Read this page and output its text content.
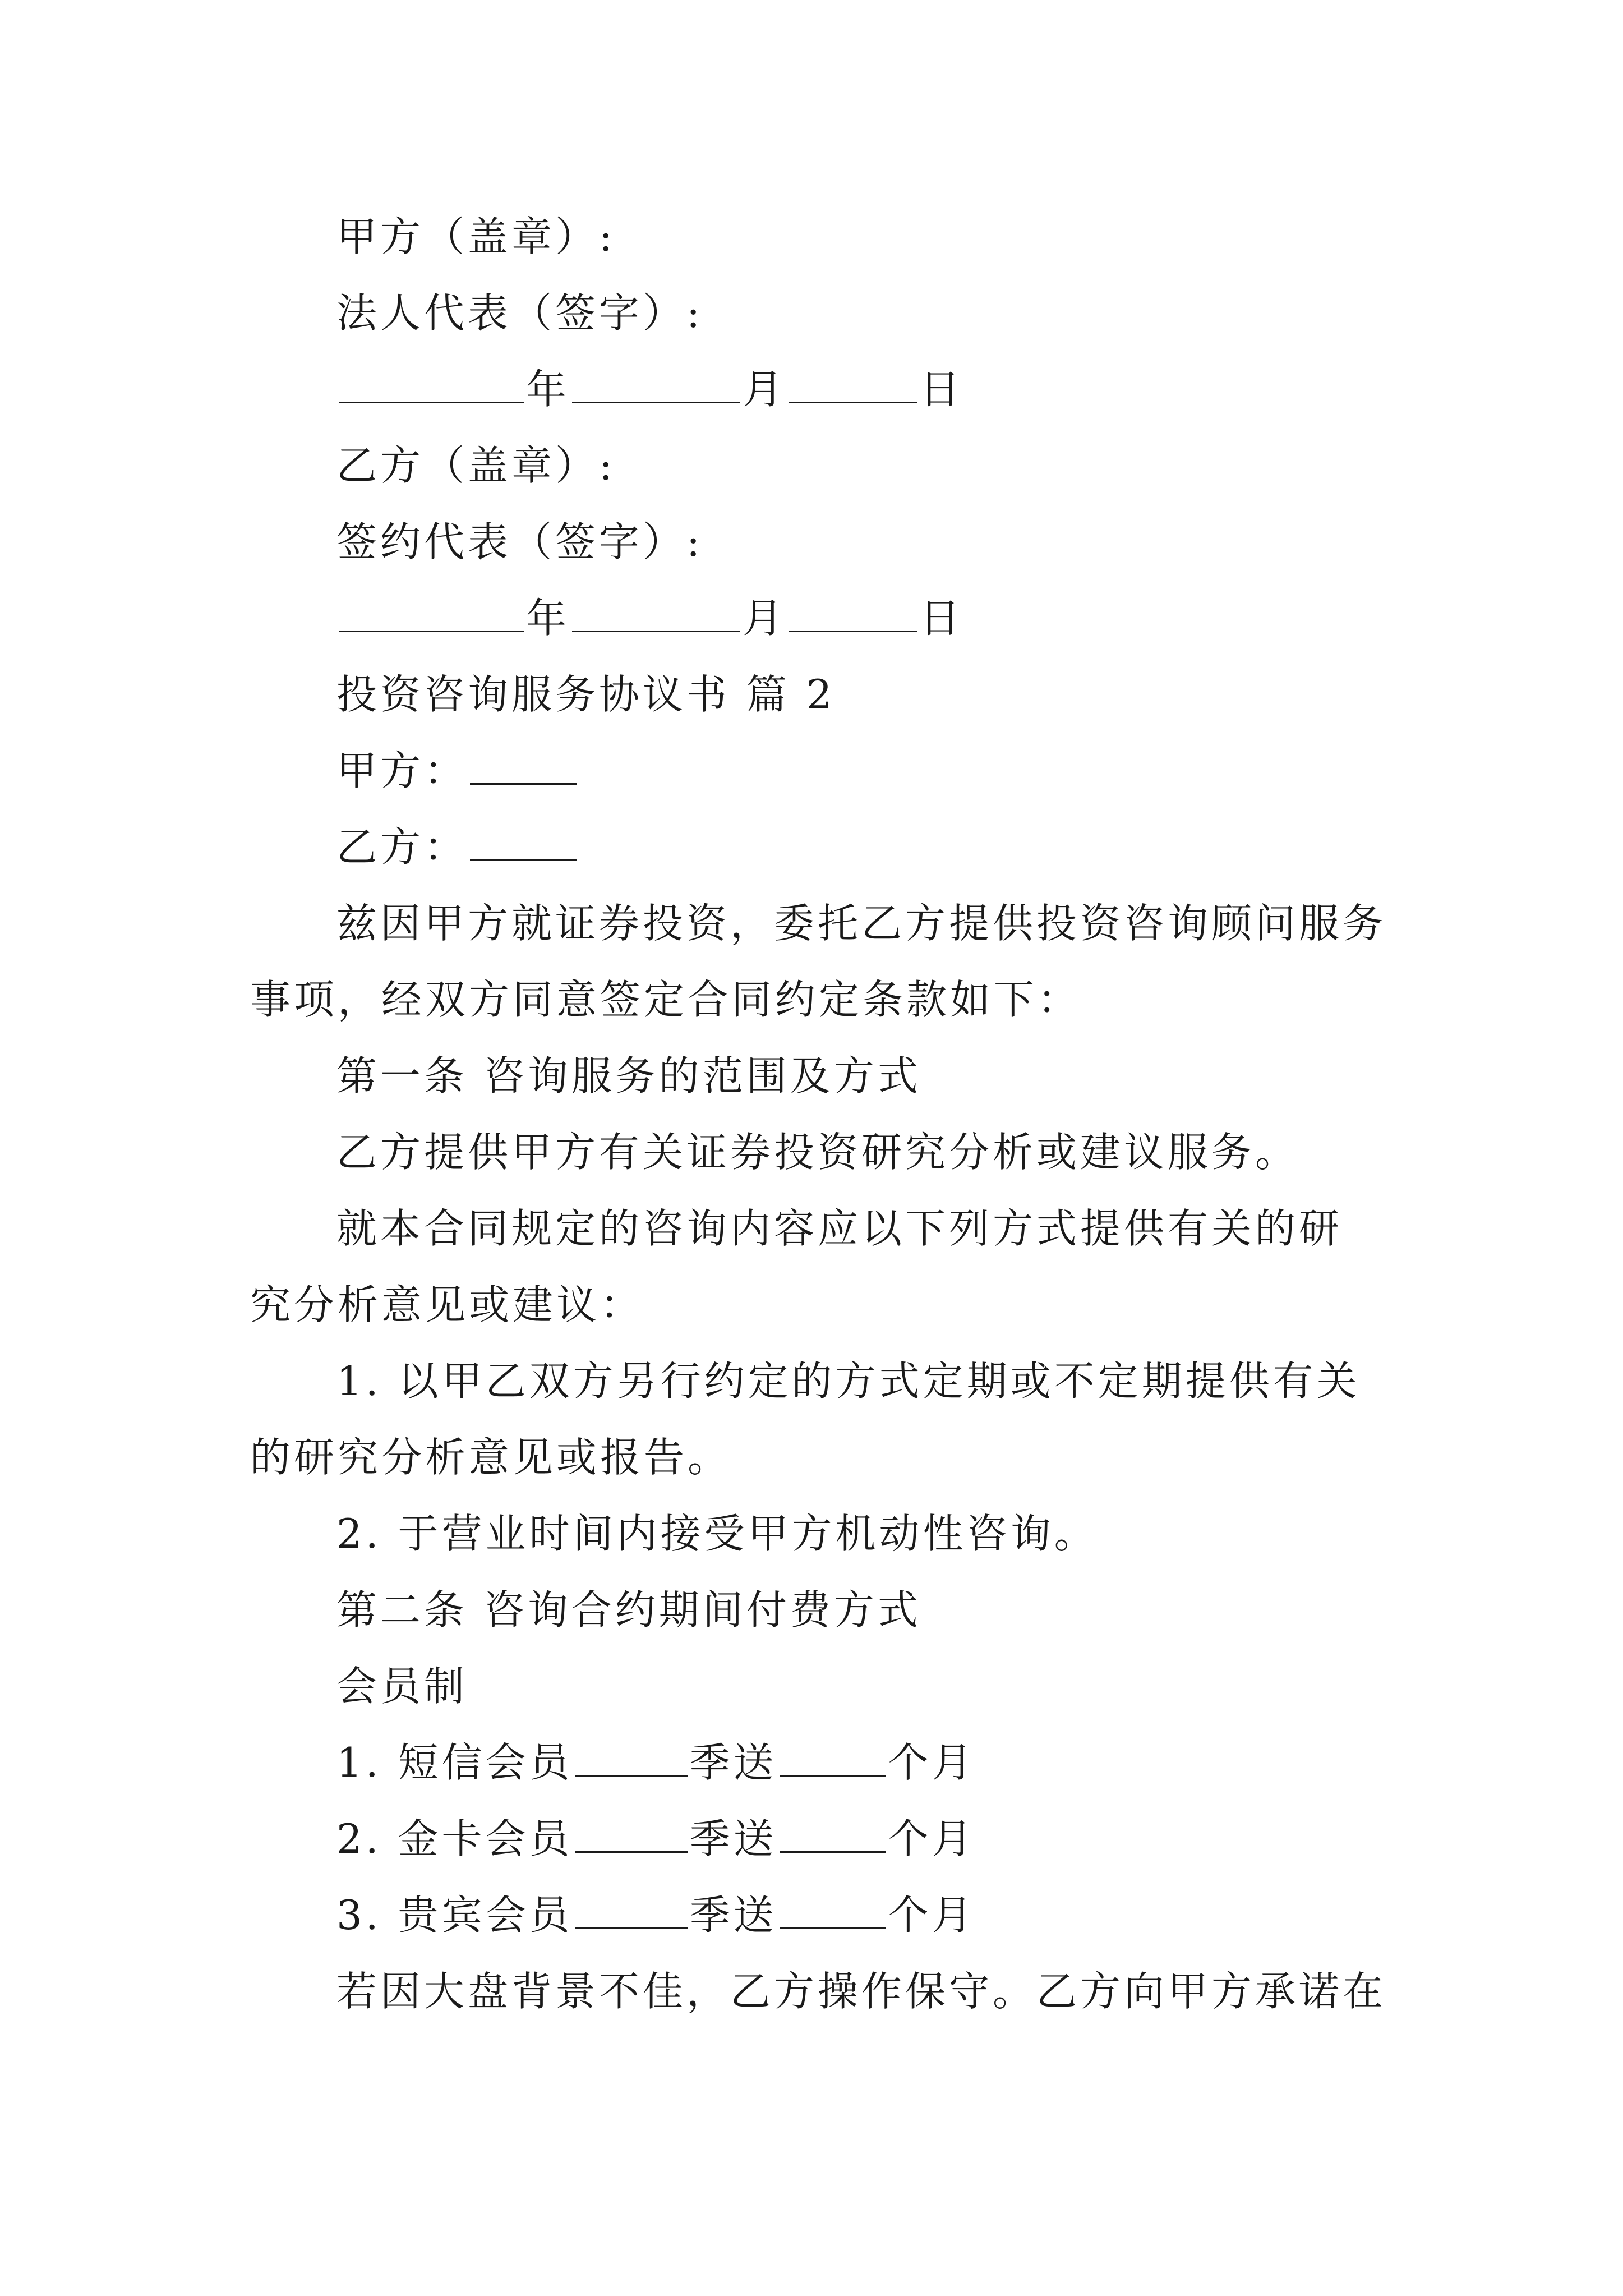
甲方（盖章）:
法人代表（签字）:
年	月	日
乙方（盖章）:
签约代表（签字）:
年	月	日
投资咨询服务协议书 篇 2
甲方：
乙方：
兹因甲方就证券投资，委托乙方提供投资咨询顾问服务
事项，经双方同意签定合同约定条款如下：
第一条 咨询服务的范围及方式
乙方提供甲方有关证券投资研究分析或建议服务。
就本合同规定的咨询内容应以下列方式提供有关的研
究分析意见或建议：
1. 以甲乙双方另行约定的方式定期或不定期提供有关
的研究分析意见或报告。
2. 于营业时间内接受甲方机动性咨询。
第二条 咨询合约期间付费方式
会员制
1. 短信会员	季送	个月
2. 金卡会员	季送	个月
3. 贵宾会员	季送	个月
若因大盘背景不佳，乙方操作保守。乙方向甲方承诺在
